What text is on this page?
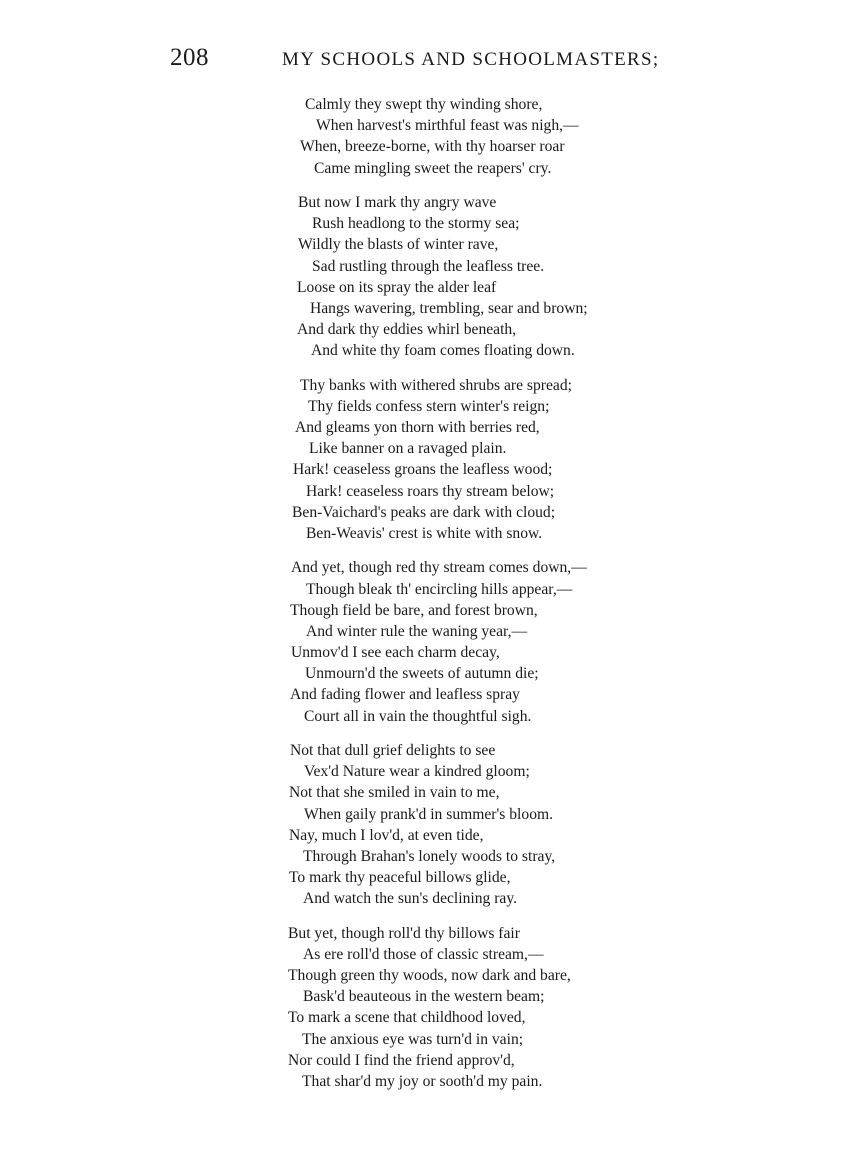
208	MY SCHOOLS AND SCHOOLMASTERS;
Calmly they swept thy winding shore,
When harvest's mirthful feast was nigh,—
When, breeze-borne, with thy hoarser roar
Came mingling sweet the reapers' cry.
But now I mark thy angry wave
Rush headlong to the stormy sea;
Wildly the blasts of winter rave,
Sad rustling through the leafless tree.
Loose on its spray the alder leaf
Hangs wavering, trembling, sear and brown;
And dark thy eddies whirl beneath,
And white thy foam comes floating down.
Thy banks with withered shrubs are spread;
Thy fields confess stern winter's reign;
And gleams yon thorn with berries red,
Like banner on a ravaged plain.
Hark! ceaseless groans the leafless wood;
Hark! ceaseless roars thy stream below;
Ben-Vaichard's peaks are dark with cloud;
Ben-Weavis' crest is white with snow.
And yet, though red thy stream comes down,—
Though bleak th' encircling hills appear,—
Though field be bare, and forest brown,
And winter rule the waning year,—
Unmov'd I see each charm decay,
Unmourn'd the sweets of autumn die;
And fading flower and leafless spray
Court all in vain the thoughtful sigh.
Not that dull grief delights to see
Vex'd Nature wear a kindred gloom;
Not that she smiled in vain to me,
When gaily prank'd in summer's bloom.
Nay, much I lov'd, at even tide,
Through Brahan's lonely woods to stray,
To mark thy peaceful billows glide,
And watch the sun's declining ray.
But yet, though roll'd thy billows fair
As ere roll'd those of classic stream,—
Though green thy woods, now dark and bare,
Bask'd beauteous in the western beam;
To mark a scene that childhood loved,
The anxious eye was turn'd in vain;
Nor could I find the friend approv'd,
That shar'd my joy or sooth'd my pain.
